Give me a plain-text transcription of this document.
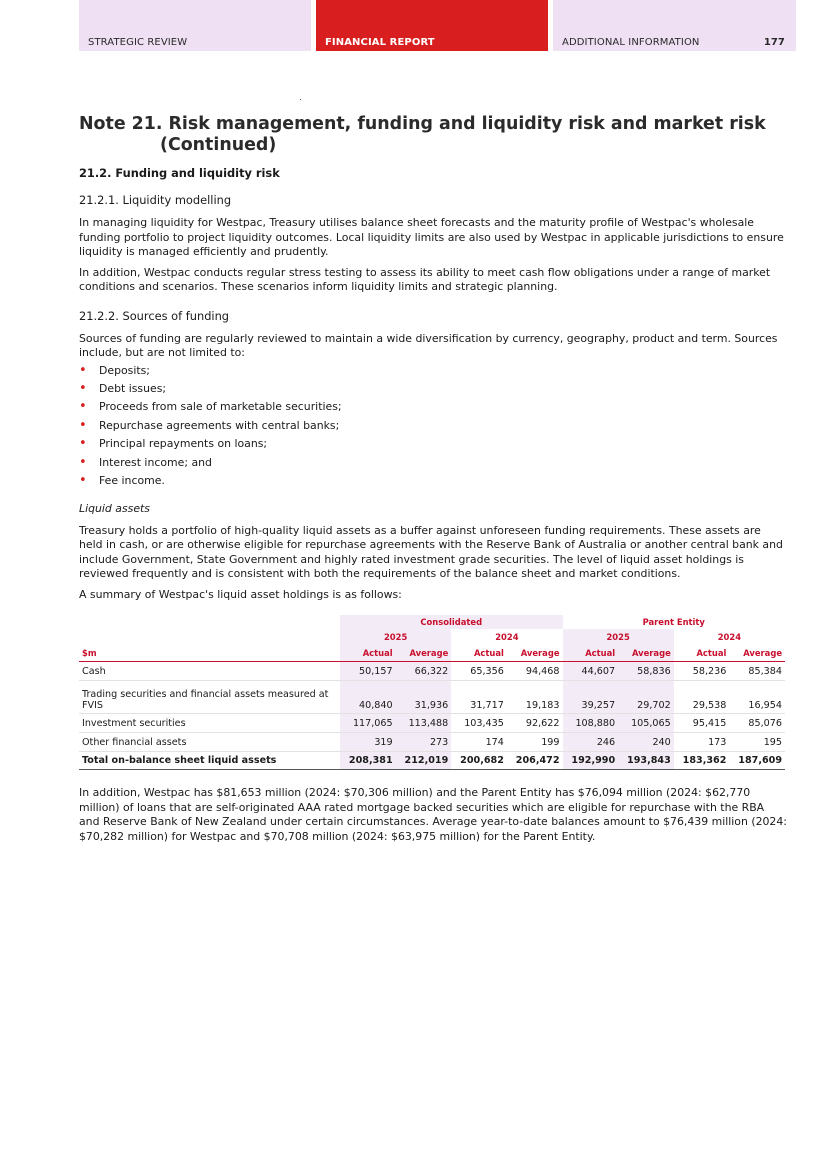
STRATEGIC REVIEW	FINANCIAL REPORT	ADDITIONAL INFORMATION	177
Note 21. Risk management, funding and liquidity risk and market risk
(Continued)
21.2. Funding and liquidity risk
21.2.1. Liquidity modelling

In managing liquidity for Westpac, Treasury utilises balance sheet forecasts and the maturity profile of Westpac's wholesale funding portfolio to project liquidity outcomes. Local liquidity limits are also used by Westpac in applicable jurisdictions to ensure liquidity is managed efficiently and prudently.

In addition, Westpac conducts regular stress testing to assess its ability to meet cash flow obligations under a range of market conditions and scenarios. These scenarios inform liquidity limits and strategic planning.

21.2.2. Sources of funding

Sources of funding are regularly reviewed to maintain a wide diversification by currency, geography, product and term. Sources include, but are not limited to:

• Deposits;
• Debt issues;
• Proceeds from sale of marketable securities;
• Repurchase agreements with central banks;
• Principal repayments on loans;
• Interest income; and
• Fee income.

Liquid assets

Treasury holds a portfolio of high-quality liquid assets as a buffer against unforeseen funding requirements. These assets are held in cash, or are otherwise eligible for repurchase agreements with the Reserve Bank of Australia or another central bank and include Government, State Government and highly rated investment grade securities. The level of liquid asset holdings is reviewed frequently and is consistent with both the requirements of the balance sheet and market conditions.

A summary of Westpac's liquid asset holdings is as follows:

	Consolidated				Parent Entity			
	2025		2024		2025		2024	
$m	Actual	Average	Actual	Average	Actual	Average	Actual	Average
Cash	50,157	66,322	65,356	94,468	44,607	58,836	58,236	85,384
Trading securities and financial assets measured at FVIS	40,840	31,936	31,717	19,183	39,257	29,702	29,538	16,954
Investment securities	117,065	113,488	103,435	92,622	108,880	105,065	95,415	85,076
Other financial assets	319	273	174	199	246	240	173	195
Total on-balance sheet liquid assets	208,381	212,019	200,682	206,472	192,990	193,843	183,362	187,609

In addition, Westpac has $81,653 million (2024: $70,306 million) and the Parent Entity has $76,094 million (2024: $62,770 million) of loans that are self-originated AAA rated mortgage backed securities which are eligible for repurchase with the RBA and Reserve Bank of New Zealand under certain circumstances. Average year-to-date balances amount to $76,439 million (2024: $70,282 million) for Westpac and $70,708 million (2024: $63,975 million) for the Parent Entity.
